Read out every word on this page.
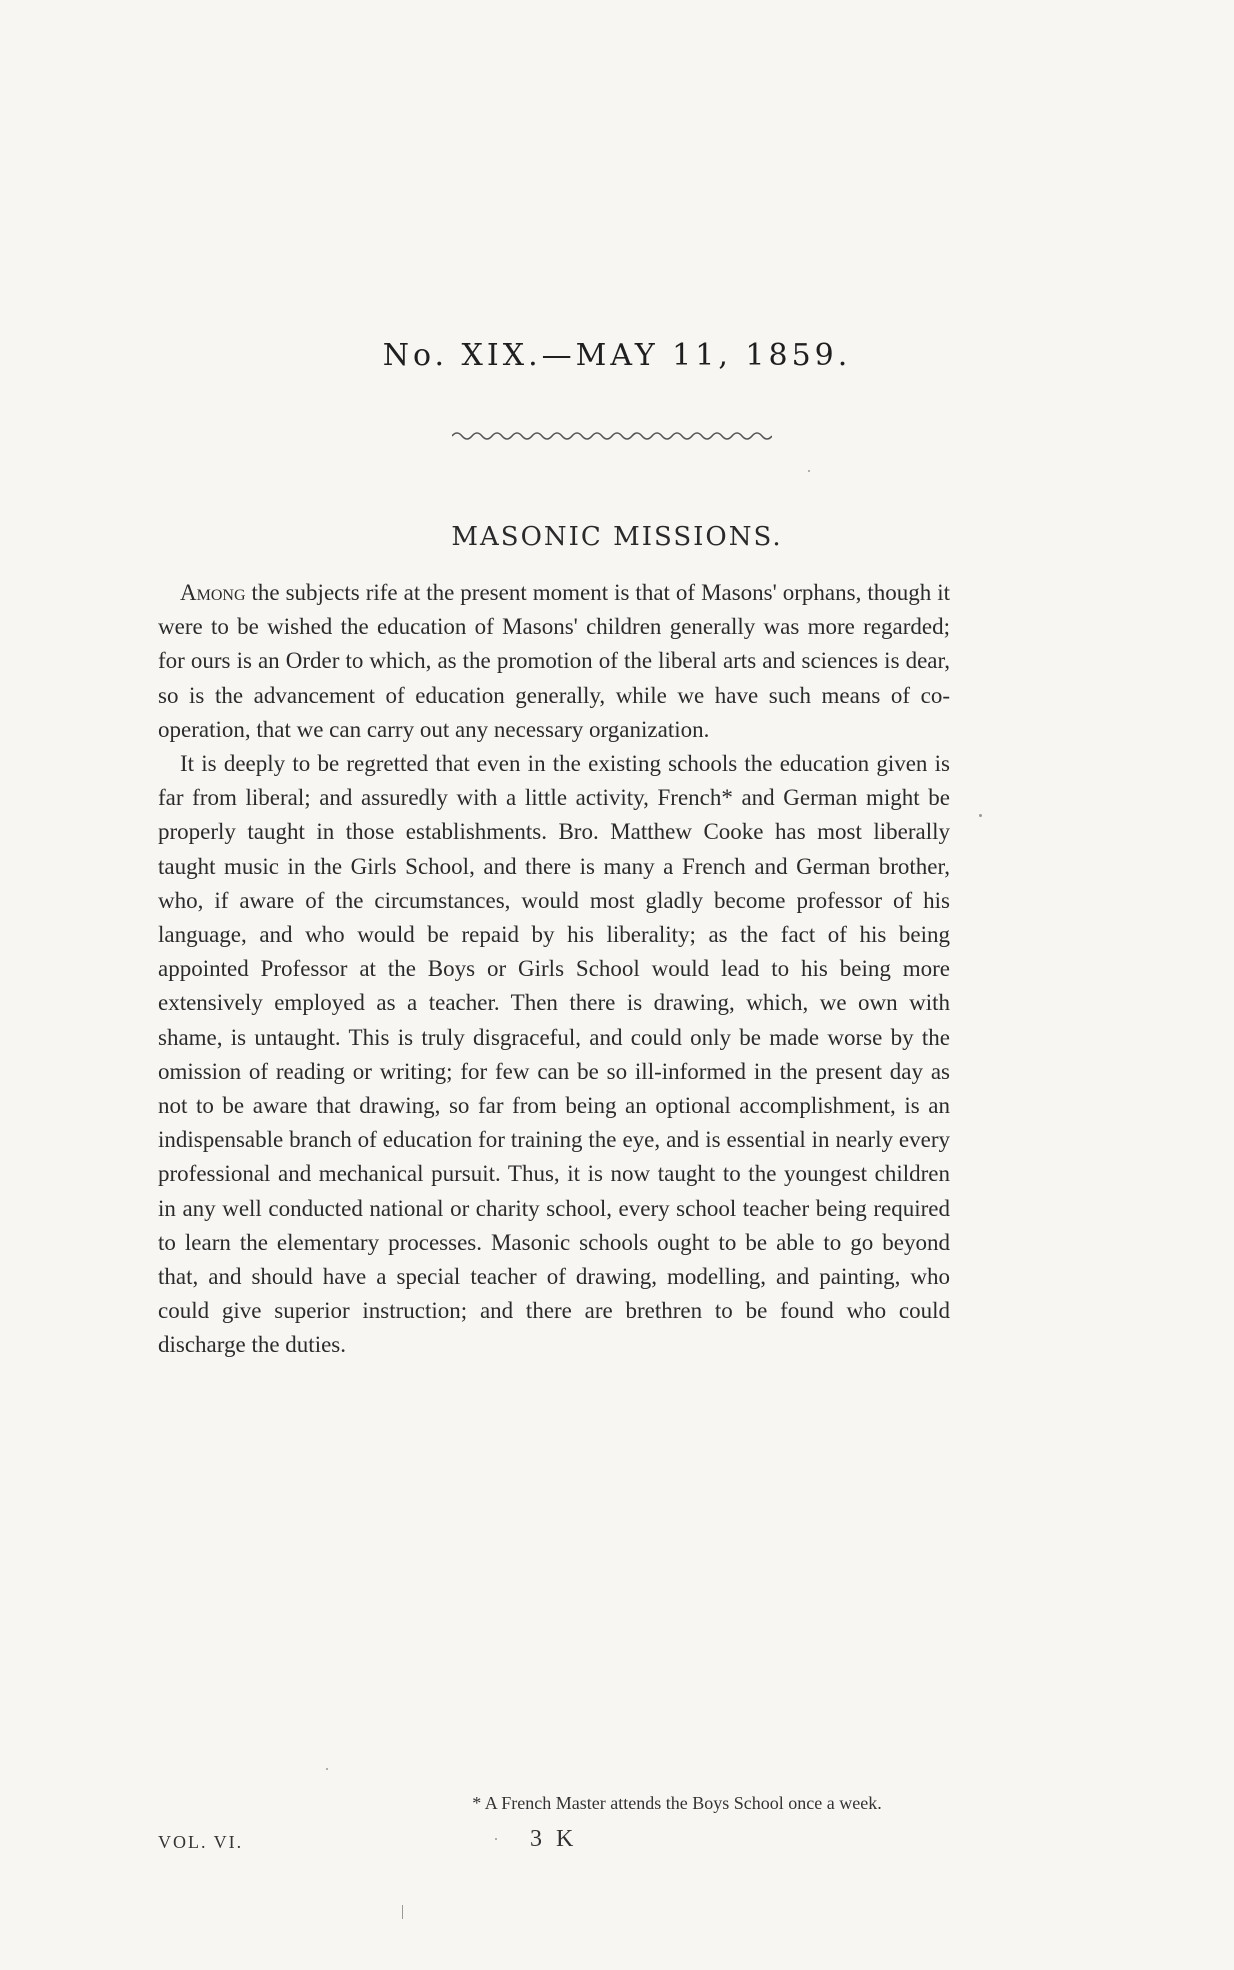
No. XIX.—MAY 11, 1859.
MASONIC MISSIONS.

Among the subjects rife at the present moment is that of Masons' orphans, though it were to be wished the education of Masons' children generally was more regarded; for ours is an Order to which, as the promotion of the liberal arts and sciences is dear, so is the advancement of education generally, while we have such means of co-operation, that we can carry out any necessary organization.

It is deeply to be regretted that even in the existing schools the education given is far from liberal; and assuredly with a little activity, French* and German might be properly taught in those establishments. Bro. Matthew Cooke has most liberally taught music in the Girls School, and there is many a French and German brother, who, if aware of the circumstances, would most gladly become professor of his language, and who would be repaid by his liberality; as the fact of his being appointed Professor at the Boys or Girls School would lead to his being more extensively employed as a teacher. Then there is drawing, which, we own with shame, is untaught. This is truly disgraceful, and could only be made worse by the omission of reading or writing; for few can be so ill-informed in the present day as not to be aware that drawing, so far from being an optional accomplishment, is an indispensable branch of education for training the eye, and is essential in nearly every professional and mechanical pursuit. Thus, it is now taught to the youngest children in any well conducted national or charity school, every school teacher being required to learn the elementary processes. Masonic schools ought to be able to go beyond that, and should have a special teacher of drawing, modelling, and painting, who could give superior instruction; and there are brethren to be found who could discharge the duties.

* A French Master attends the Boys School once a week.
VOL. VI.	3 K
